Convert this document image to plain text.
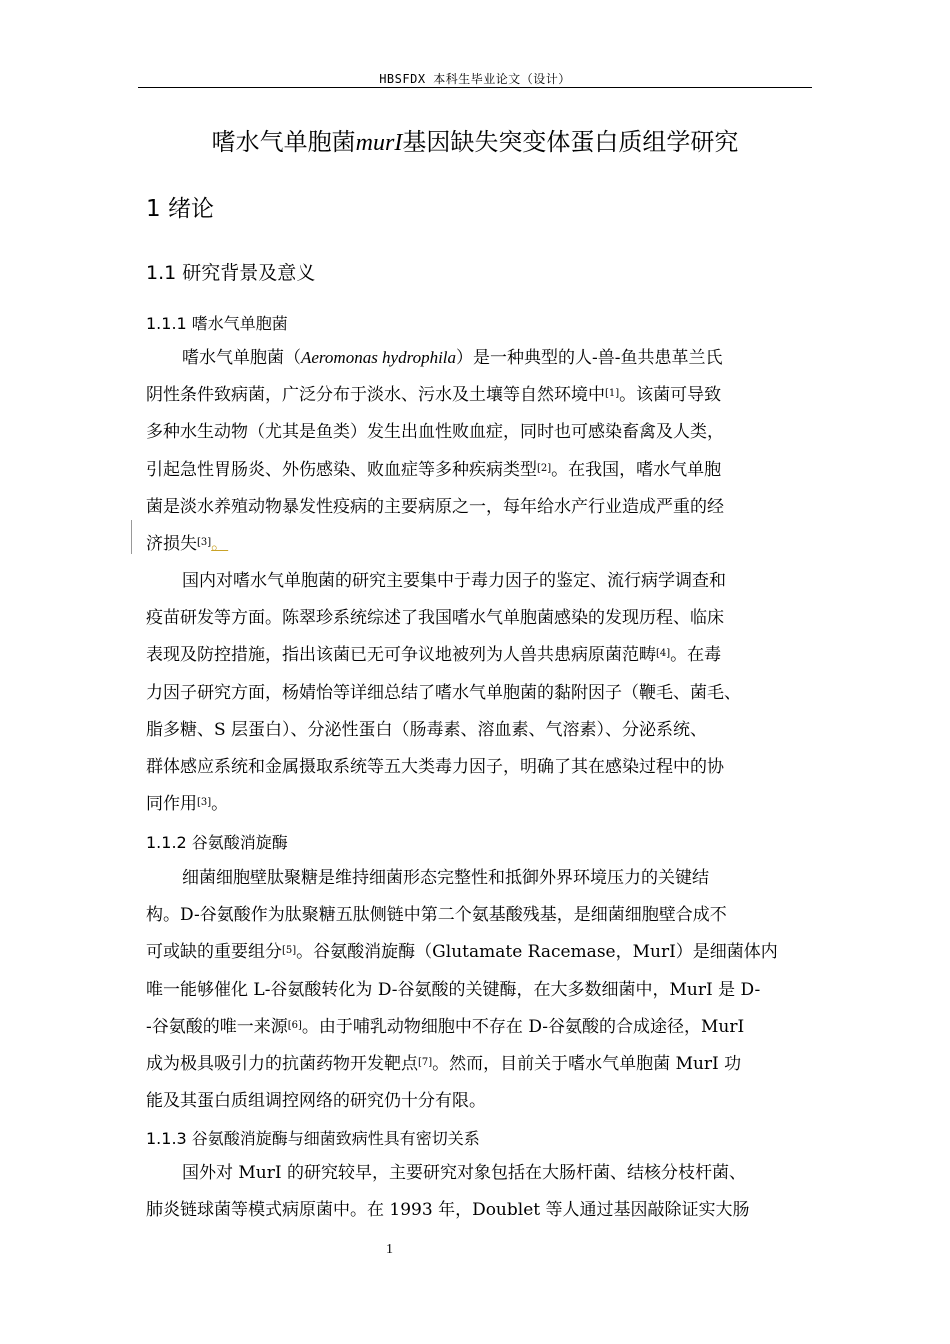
HBSFDX 本科生毕业论文（设计）
嗜水气单胞菌murI基因缺失突变体蛋白质组学研究
1 绪论
1.1 研究背景及意义
1.1.1 嗜水气单胞菌
嗜水气单胞菌（Aeromonas hydrophila）是一种典型的人-兽-鱼共患革兰氏
阴性条件致病菌，广泛分布于淡水、污水及土壤等自然环境中[1]。该菌可导致
多种水生动物（尤其是鱼类）发生出血性败血症，同时也可感染畜禽及人类，
引起急性胃肠炎、外伤感染、败血症等多种疾病类型[2]。在我国，嗜水气单胞
菌是淡水养殖动物暴发性疫病的主要病原之一，每年给水产行业造成严重的经
济损失[3]。
国内对嗜水气单胞菌的研究主要集中于毒力因子的鉴定、流行病学调查和
疫苗研发等方面。陈翠珍系统综述了我国嗜水气单胞菌感染的发现历程、临床
表现及防控措施，指出该菌已无可争议地被列为人兽共患病原菌范畴[4]。在毒
力因子研究方面，杨婧怡等详细总结了嗜水气单胞菌的黏附因子（鞭毛、菌毛、
脂多糖、S 层蛋白）、分泌性蛋白（肠毒素、溶血素、气溶素）、分泌系统、
群体感应系统和金属摄取系统等五大类毒力因子，明确了其在感染过程中的协
同作用[3]。
1.1.2 谷氨酸消旋酶
细菌细胞壁肽聚糖是维持细菌形态完整性和抵御外界环境压力的关键结
构。D-谷氨酸作为肽聚糖五肽侧链中第二个氨基酸残基，是细菌细胞壁合成不
可或缺的重要组分[5]。谷氨酸消旋酶（Glutamate Racemase，MurI）是细菌体内
唯一能够催化 L-谷氨酸转化为 D-谷氨酸的关键酶，在大多数细菌中，MurI 是 D-
-谷氨酸的唯一来源[6]。由于哺乳动物细胞中不存在 D-谷氨酸的合成途径，MurI
成为极具吸引力的抗菌药物开发靶点[7]。然而，目前关于嗜水气单胞菌 MurI 功
能及其蛋白质组调控网络的研究仍十分有限。
1.1.3 谷氨酸消旋酶与细菌致病性具有密切关系
国外对 MurI 的研究较早，主要研究对象包括在大肠杆菌、结核分枝杆菌、
肺炎链球菌等模式病原菌中。在 1993 年，Doublet 等人通过基因敲除证实大肠
1
